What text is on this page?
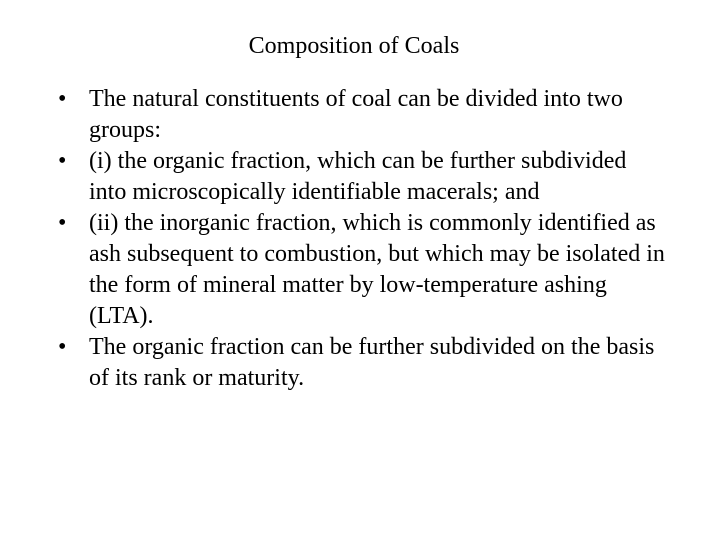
Composition of Coals
• The natural constituents of coal can be divided into two groups:
• (i) the organic fraction, which can be further subdivided into microscopically identifiable macerals; and
• (ii) the inorganic fraction, which is commonly identified as ash subsequent to combustion, but which may be isolated in the form of mineral matter by low-temperature ashing (LTA).
• The organic fraction can be further subdivided on the basis of its rank or maturity.
